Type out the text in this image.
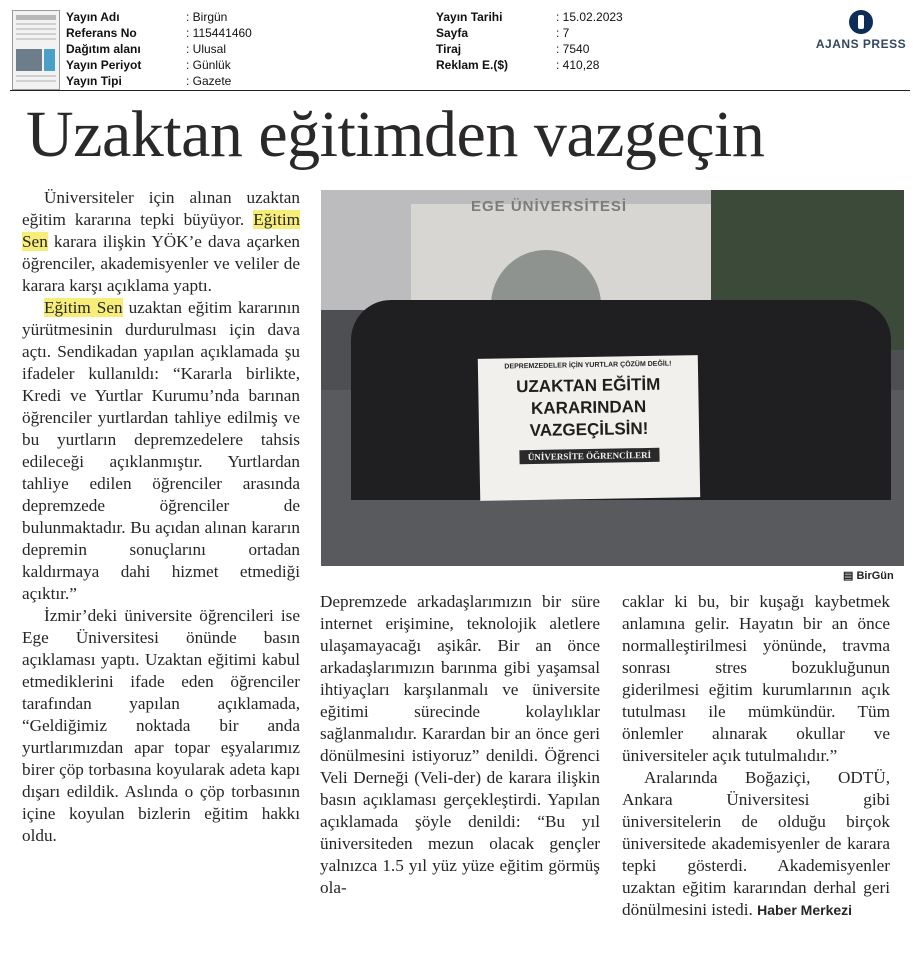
Yayın Adı	: Birgün
Referans No	: 115441460
Dağıtım alanı	: Ulusal
Yayın Periyot	: Günlük
Yayın Tipi	: Gazete
Yayın Tarihi	: 15.02.2023
Sayfa	: 7
Tiraj	: 7540
Reklam E.($)	: 410,28
AJANS PRESS
Uzaktan eğitimden vazgeçin

Üniversiteler için alınan uzaktan eğitim kararına tepki büyüyor. Eğitim Sen karara ilişkin YÖK’e dava açarken öğrenciler, akademisyenler ve veliler de karara karşı açıklama yaptı.

Eğitim Sen uzaktan eğitim kararının yürütmesinin durdurulması için dava açtı. Sendikadan yapılan açıklamada şu ifadeler kullanıldı: “Kararla birlikte, Kredi ve Yurtlar Kurumu’nda barınan öğrenciler yurtlardan tahliye edilmiş ve bu yurtların depremzedelere tahsis edileceği açıklanmıştır. Yurtlardan tahliye edilen öğrenciler arasında depremzede öğrenciler de bulunmaktadır. Bu açıdan alınan kararın depremin sonuçlarını ortadan kaldırmaya dahi hizmet etmediği açıktır.”

İzmir’deki üniversite öğrencileri ise Ege Üniversitesi önünde basın açıklaması yaptı. Uzaktan eğitimi kabul etmediklerini ifade eden öğrenciler tarafından yapılan açıklamada, “Geldiğimiz noktada bir anda yurtlarımızdan apar topar eşyalarımız birer çöp torbasına koyularak adeta kapı dışarı edildik. Aslında o çöp torbasının içine koyulan bizlerin eğitim hakkı oldu.

EGE ÜNİVERSİTESİ
DEPREMZEDELER İÇİN YURTLAR ÇÖZÜM DEĞİL!
UZAKTAN EĞİTİM
KARARINDAN
VAZGEÇİLSİN!
ÜNİVERSİTE ÖĞRENCİLERİ
▤ BirGün

Depremzede arkadaşlarımızın bir süre internet erişimine, teknolojik aletlere ulaşamayacağı aşikâr. Bir an önce arkadaşlarımızın barınma gibi yaşamsal ihtiyaçları karşılanmalı ve üniversite eğitimi sürecinde kolaylıklar sağlanmalıdır. Karardan bir an önce geri dönülmesini istiyoruz” denildi. Öğrenci Veli Derneği (Veli-der) de karara ilişkin basın açıklaması gerçekleştirdi. Yapılan açıklamada şöyle denildi: “Bu yıl üniversiteden mezun olacak gençler yalnızca 1.5 yıl yüz yüze eğitim görmüş ola-

caklar ki bu, bir kuşağı kaybetmek anlamına gelir. Hayatın bir an önce normalleştirilmesi yönünde, travma sonrası stres bozukluğunun giderilmesi eğitim kurumlarının açık tutulması ile mümkündür. Tüm önlemler alınarak okullar ve üniversiteler açık tutulmalıdır.”

Aralarında Boğaziçi, ODTÜ, Ankara Üniversitesi gibi üniversitelerin de olduğu birçok üniversitede akademisyenler de karara tepki gösterdi. Akademisyenler uzaktan eğitim kararından derhal geri dönülmesini istedi. Haber Merkezi
